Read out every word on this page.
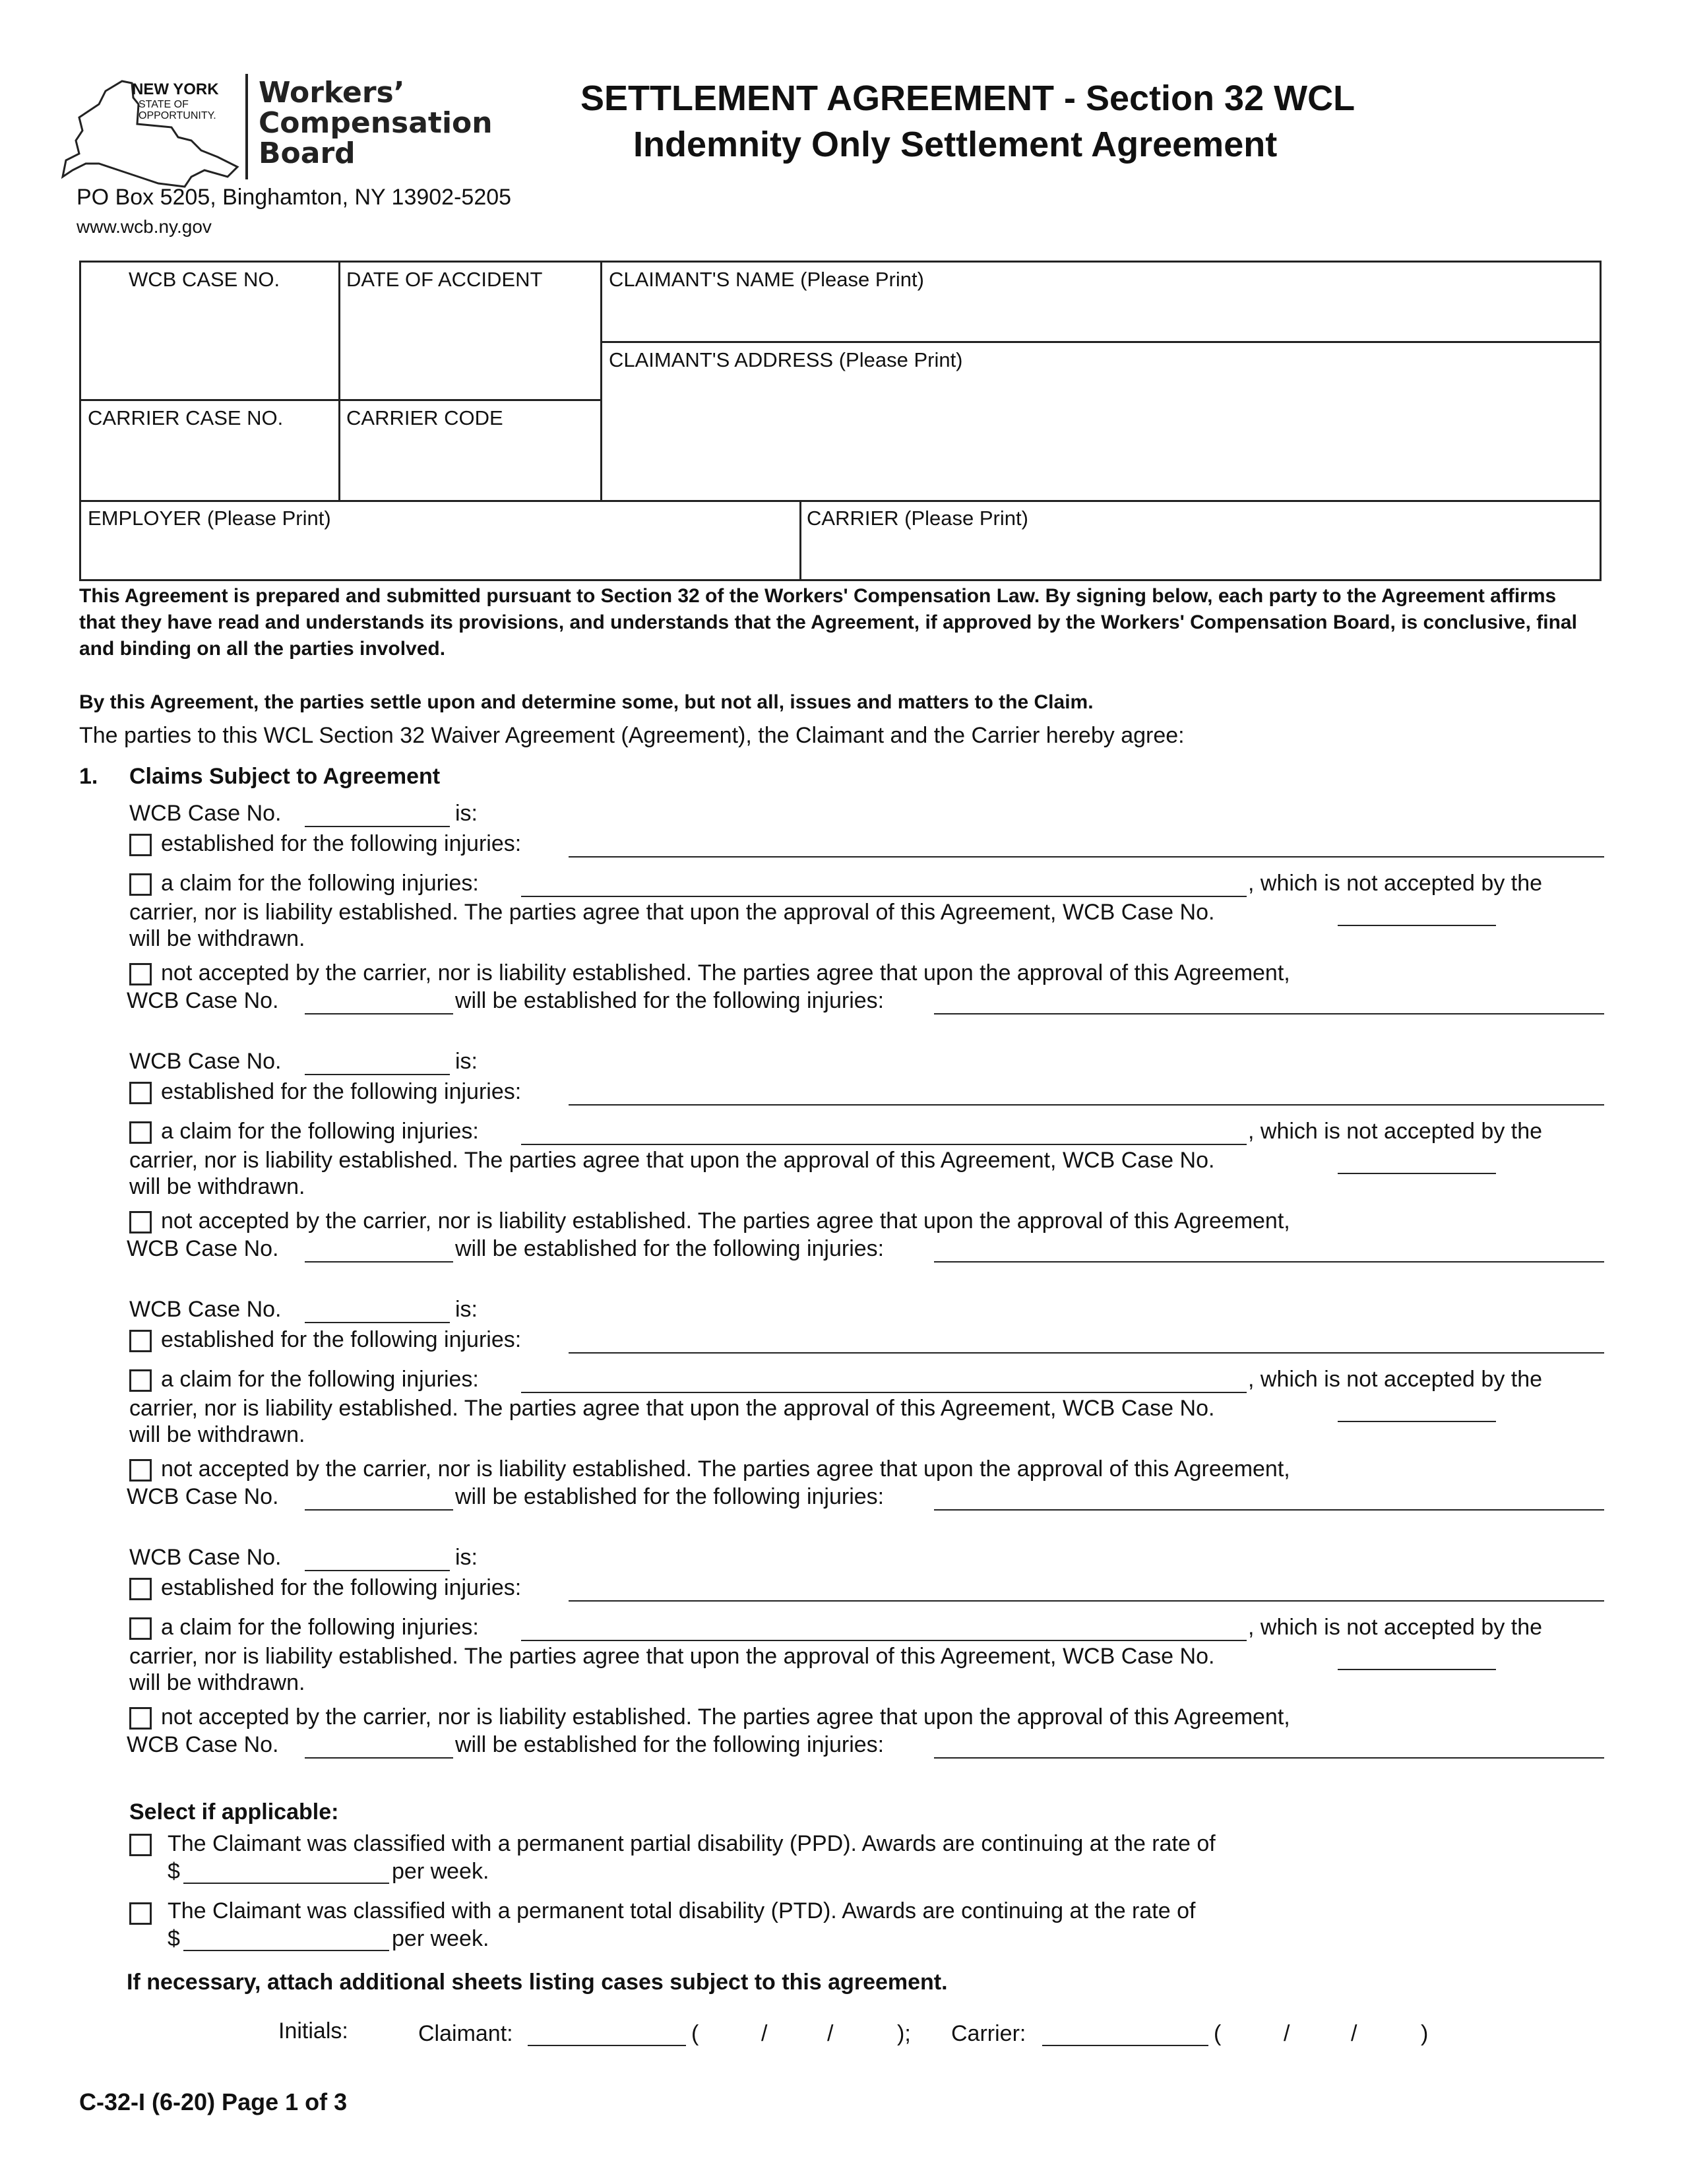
NEW YORK
STATE OF OPPORTUNITY.
Workers’
Compensation
Board
SETTLEMENT AGREEMENT - Section 32 WCL
Indemnity Only Settlement Agreement
PO Box 5205, Binghamton, NY 13902-5205
www.wcb.ny.gov
WCB CASE NO.	DATE OF ACCIDENT	CLAIMANT'S NAME (Please Print)
CLAIMANT'S ADDRESS (Please Print)
CARRIER CASE NO.	CARRIER CODE
EMPLOYER (Please Print)	CARRIER (Please Print)
This Agreement is prepared and submitted pursuant to Section 32 of the Workers' Compensation Law. By signing below, each party to the Agreement affirms that they have read and understands its provisions, and understands that the Agreement, if approved by the Workers' Compensation Board, is conclusive, final and binding on all the parties involved.
By this Agreement, the parties settle upon and determine some, but not all, issues and matters to the Claim.
The parties to this WCL Section 32 Waiver Agreement (Agreement), the Claimant and the Carrier hereby agree:
1. Claims Subject to Agreement
WCB Case No.	is:
established for the following injuries:
a claim for the following injuries:	, which is not accepted by the
carrier, nor is liability established. The parties agree that upon the approval of this Agreement, WCB Case No.
will be withdrawn.
not accepted by the carrier, nor is liability established. The parties agree that upon the approval of this Agreement,
WCB Case No.	will be established for the following injuries:
WCB Case No.	is:
established for the following injuries:
a claim for the following injuries:	, which is not accepted by the
carrier, nor is liability established. The parties agree that upon the approval of this Agreement, WCB Case No.
will be withdrawn.
not accepted by the carrier, nor is liability established. The parties agree that upon the approval of this Agreement,
WCB Case No.	will be established for the following injuries:
WCB Case No.	is:
established for the following injuries:
a claim for the following injuries:	, which is not accepted by the
carrier, nor is liability established. The parties agree that upon the approval of this Agreement, WCB Case No.
will be withdrawn.
not accepted by the carrier, nor is liability established. The parties agree that upon the approval of this Agreement,
WCB Case No.	will be established for the following injuries:
WCB Case No.	is:
established for the following injuries:
a claim for the following injuries:	, which is not accepted by the
carrier, nor is liability established. The parties agree that upon the approval of this Agreement, WCB Case No.
will be withdrawn.
not accepted by the carrier, nor is liability established. The parties agree that upon the approval of this Agreement,
WCB Case No.	will be established for the following injuries:
Select if applicable:
The Claimant was classified with a permanent partial disability (PPD). Awards are continuing at the rate of
$	per week.
The Claimant was classified with a permanent total disability (PTD). Awards are continuing at the rate of
$	per week.
If necessary, attach additional sheets listing cases subject to this agreement.
Initials:	Claimant:	(	/	/	); Carrier:	(	/	/	)
C-32-I (6-20) Page 1 of 3
